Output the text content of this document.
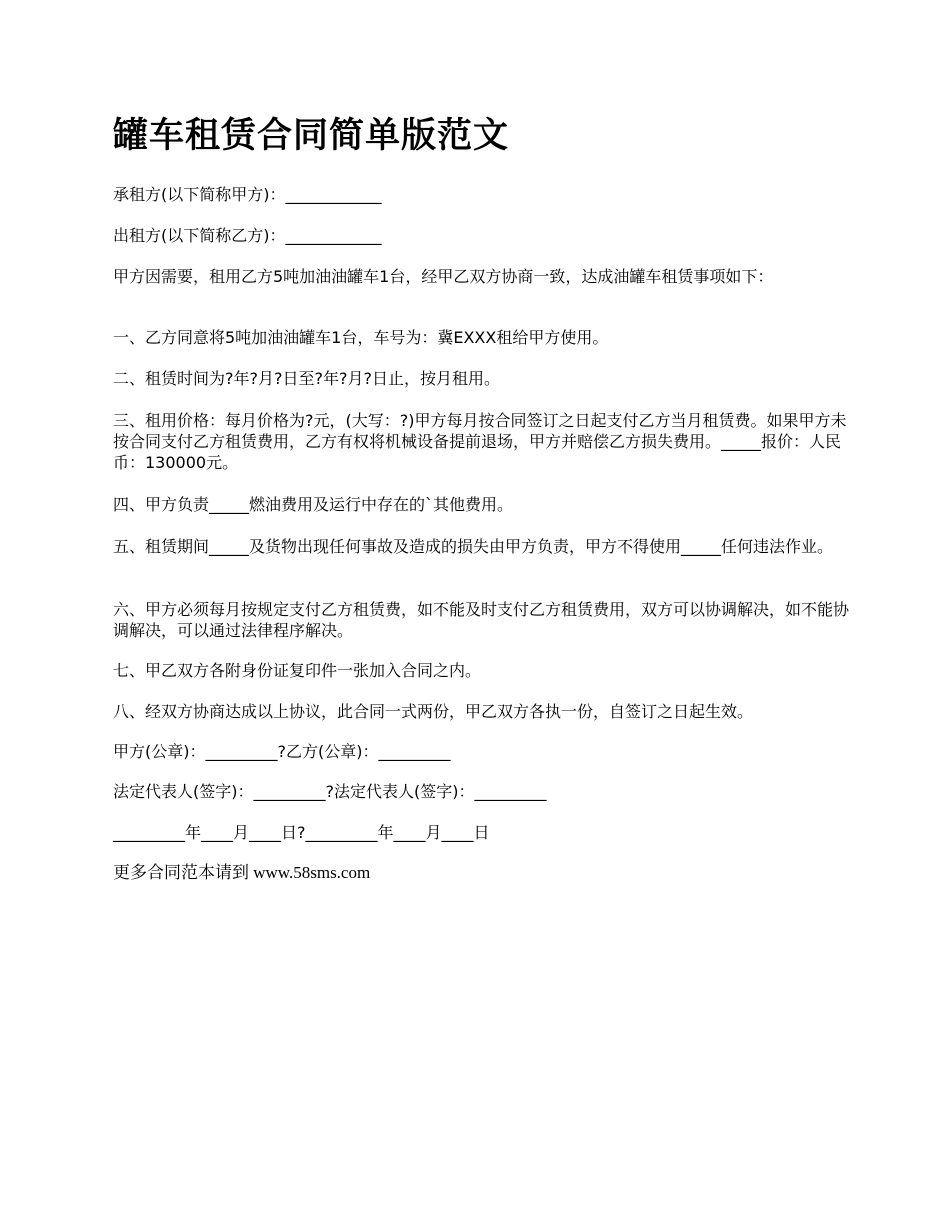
罐车租赁合同简单版范文

承租方(以下简称甲方)：____________

出租方(以下简称乙方)：____________

甲方因需要，租用乙方5吨加油油罐车1台，经甲乙双方协商一致，达成油罐车租赁事项如下：

一、乙方同意将5吨加油油罐车1台，车号为：冀EXXX租给甲方使用。

二、租赁时间为?年?月?日至?年?月?日止，按月租用。

三、租用价格：每月价格为?元，(大写：?)甲方每月按合同签订之日起支付乙方当月租赁费。如果甲方未按合同支付乙方租赁费用，乙方有权将机械设备提前退场，甲方并赔偿乙方损失费用。_____报价：人民币：130000元。

四、甲方负责_____燃油费用及运行中存在的`其他费用。

五、租赁期间_____及货物出现任何事故及造成的损失由甲方负责，甲方不得使用_____任何违法作业。

六、甲方必须每月按规定支付乙方租赁费，如不能及时支付乙方租赁费用，双方可以协调解决，如不能协调解决，可以通过法律程序解决。

七、甲乙双方各附身份证复印件一张加入合同之内。

八、经双方协商达成以上协议，此合同一式两份，甲乙双方各执一份，自签订之日起生效。

甲方(公章)：_________?乙方(公章)：_________

法定代表人(签字)：_________?法定代表人(签字)：_________

_________年____月____日?_________年____月____日

更多合同范本请到 www.58sms.com
